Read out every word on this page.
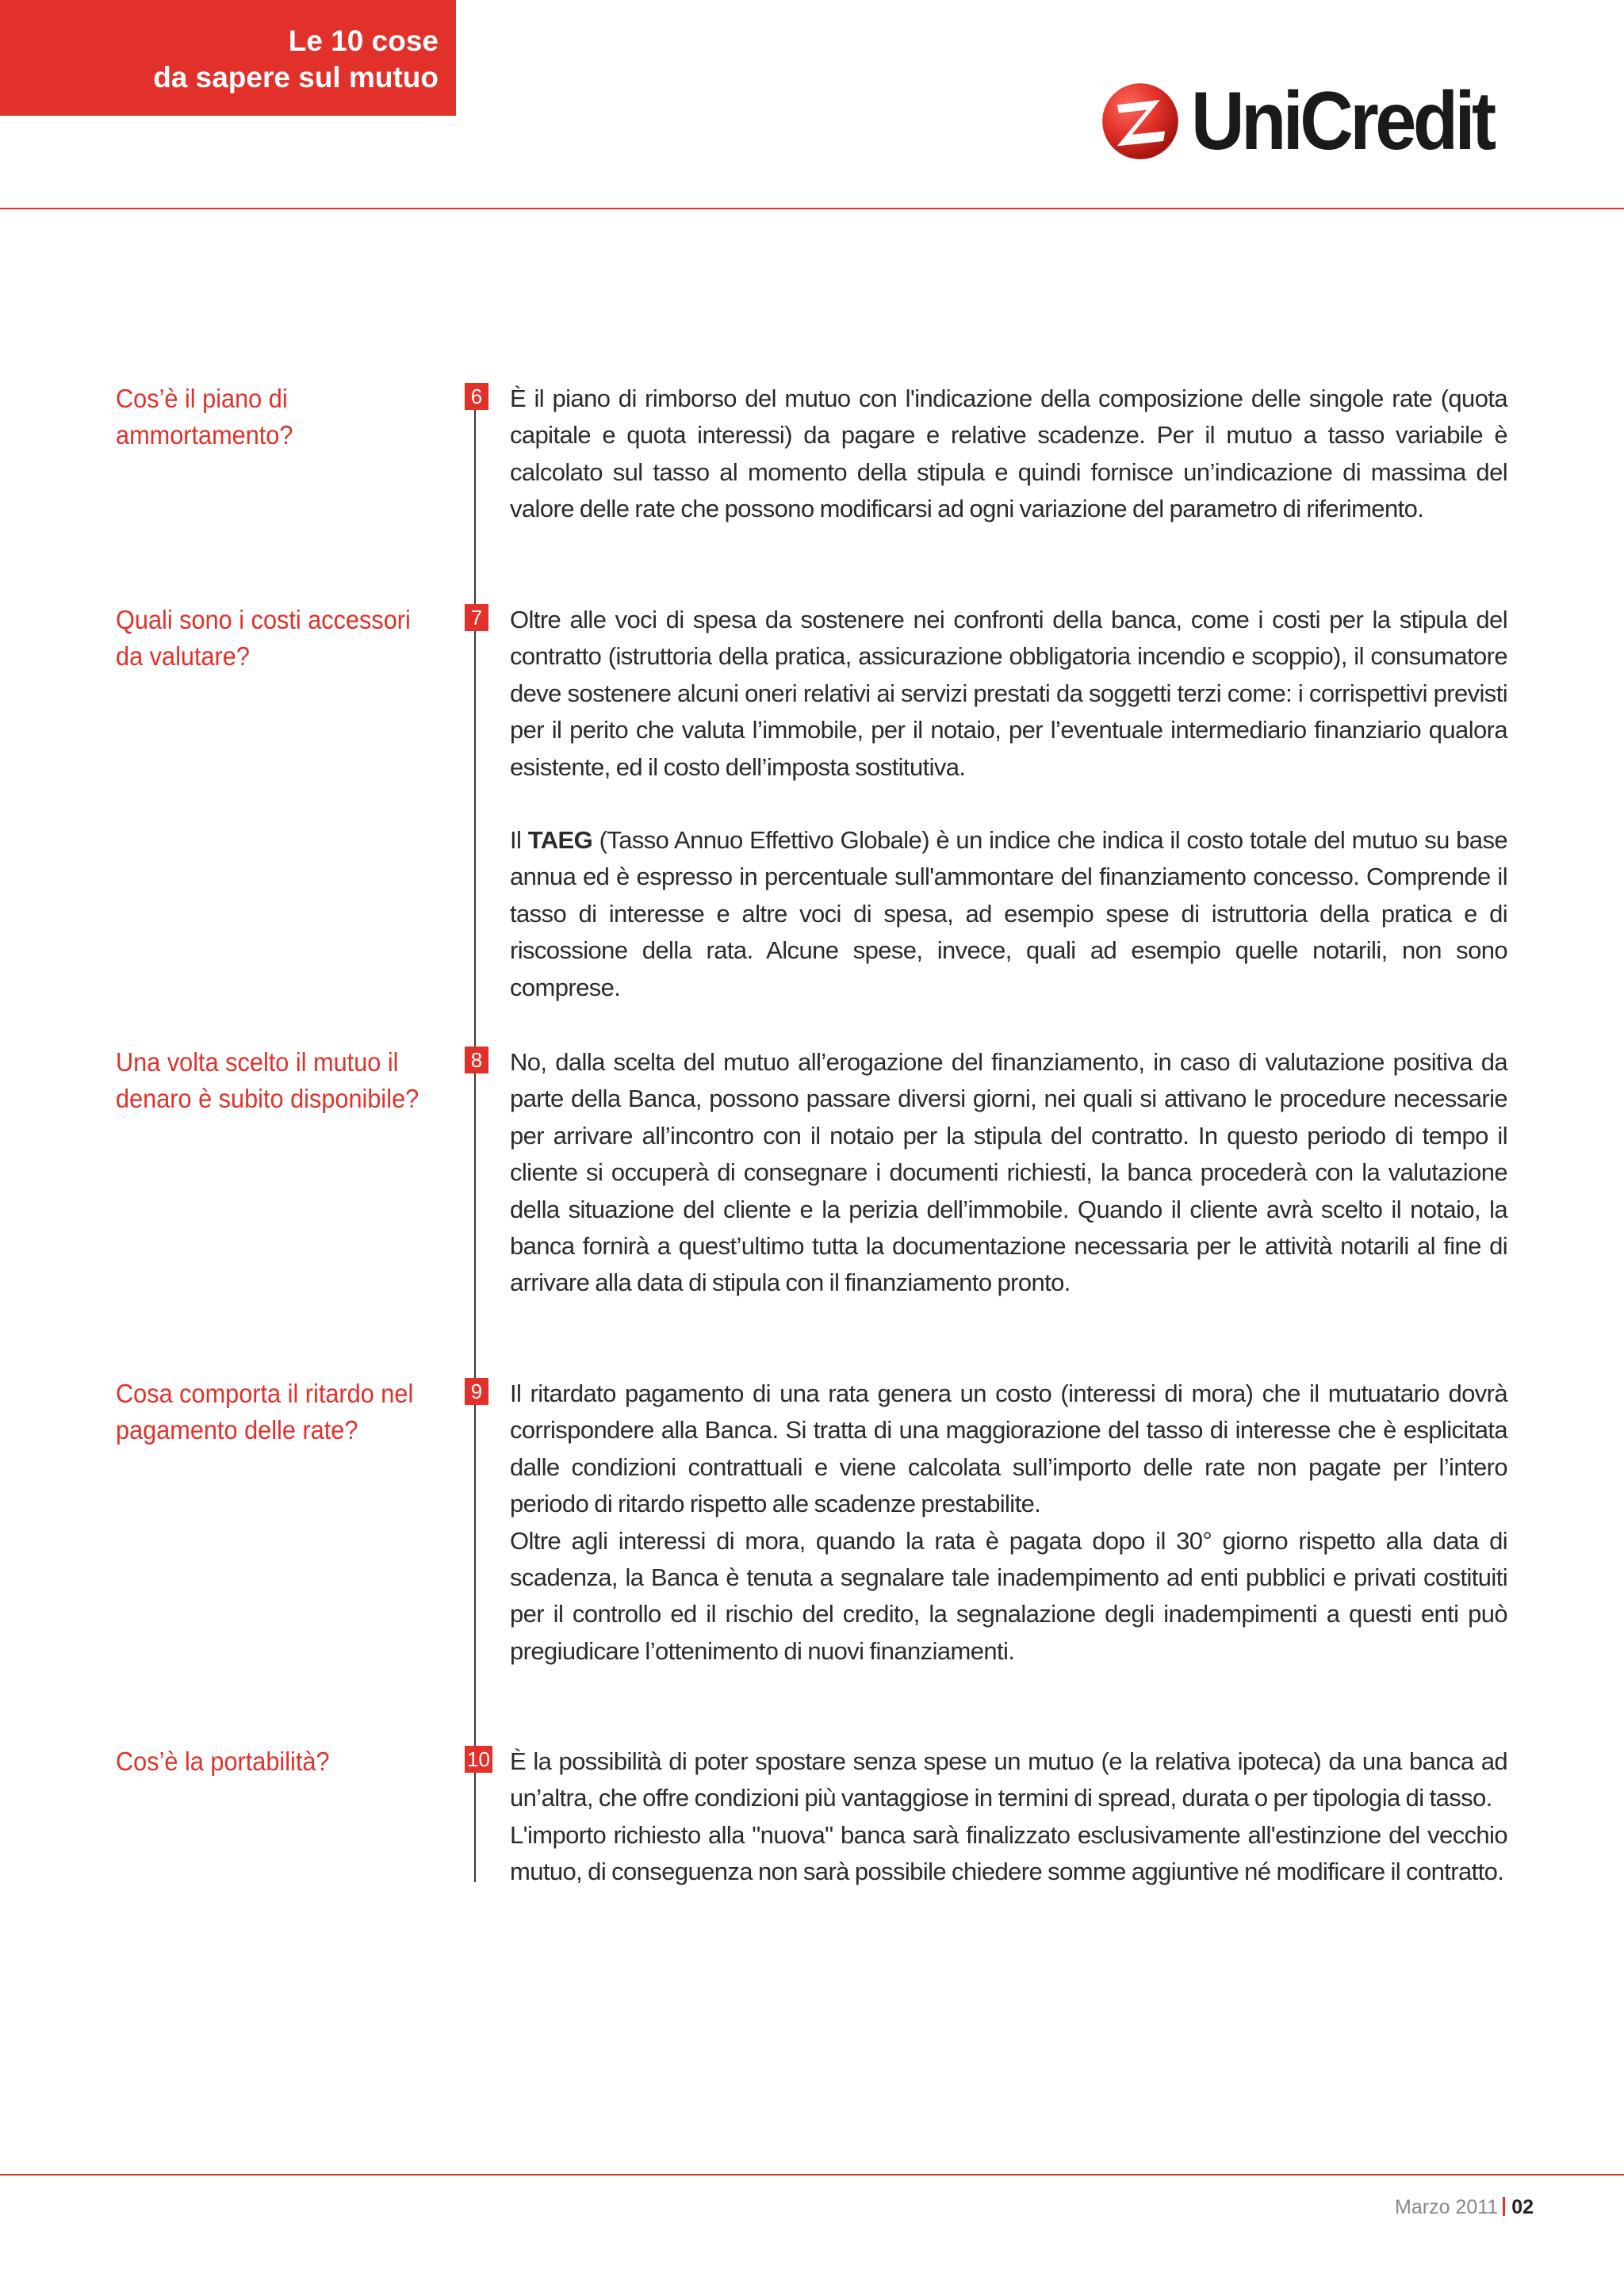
Le 10 cose
da sapere sul mutuo	UniCredit
Cos’è il piano di ammortamento?
6 È il piano di rimborso del mutuo con l'indicazione della composizione delle singole rate (quota capitale e quota interessi) da pagare e relative scadenze. Per il mutuo a tasso variabile è calcolato sul tasso al momento della stipula e quindi fornisce un’indicazione di massima del valore delle rate che possono modificarsi ad ogni variazione del parametro di riferimento.

Quali sono i costi accessori da valutare?
7 Oltre alle voci di spesa da sostenere nei confronti della banca, come i costi per la stipula del contratto (istruttoria della pratica, assicurazione obbligatoria incendio e scoppio), il consumatore deve sostenere alcuni oneri relativi ai servizi prestati da soggetti terzi come: i corrispettivi previsti per il perito che valuta l’immobile, per il notaio, per l’eventuale intermediario finanziario qualora esistente, ed il costo dell’imposta sostitutiva.

Il TAEG (Tasso Annuo Effettivo Globale) è un indice che indica il costo totale del mutuo su base annua ed è espresso in percentuale sull'ammontare del finanziamento concesso. Comprende il tasso di interesse e altre voci di spesa, ad esempio spese di istruttoria della pratica e di riscossione della rata. Alcune spese, invece, quali ad esempio quelle notarili, non sono comprese.

Una volta scelto il mutuo il denaro è subito disponibile?
8 No, dalla scelta del mutuo all’erogazione del finanziamento, in caso di valutazione positiva da parte della Banca, possono passare diversi giorni, nei quali si attivano le procedure necessarie per arrivare all’incontro con il notaio per la stipula del contratto. In questo periodo di tempo il cliente si occuperà di consegnare i documenti richiesti, la banca procederà con la valutazione della situazione del cliente e la perizia dell’immobile. Quando il cliente avrà scelto il notaio, la banca fornirà a quest’ultimo tutta la documentazione necessaria per le attività notarili al fine di arrivare alla data di stipula con il finanziamento pronto.

Cosa comporta il ritardo nel pagamento delle rate?
9 Il ritardato pagamento di una rata genera un costo (interessi di mora) che il mutuatario dovrà corrispondere alla Banca. Si tratta di una maggiorazione del tasso di interesse che è esplicitata dalle condizioni contrattuali e viene calcolata sull’importo delle rate non pagate per l’intero periodo di ritardo rispetto alle scadenze prestabilite.

Oltre agli interessi di mora, quando la rata è pagata dopo il 30° giorno rispetto alla data di scadenza, la Banca è tenuta a segnalare tale inadempimento ad enti pubblici e privati costituiti per il controllo ed il rischio del credito, la segnalazione degli inadempimenti a questi enti può pregiudicare l’ottenimento di nuovi finanziamenti.

Cos’è la portabilità?	10 È la possibilità di poter spostare senza spese un mutuo (e la relativa ipoteca) da una banca ad un’altra, che offre condizioni più vantaggiose in termini di spread, durata o per tipologia di tasso.

L'importo richiesto alla "nuova" banca sarà finalizzato esclusivamente all'estinzione del vecchio mutuo, di conseguenza non sarà possibile chiedere somme aggiuntive né modificare il contratto.

Marzo 2011 02
